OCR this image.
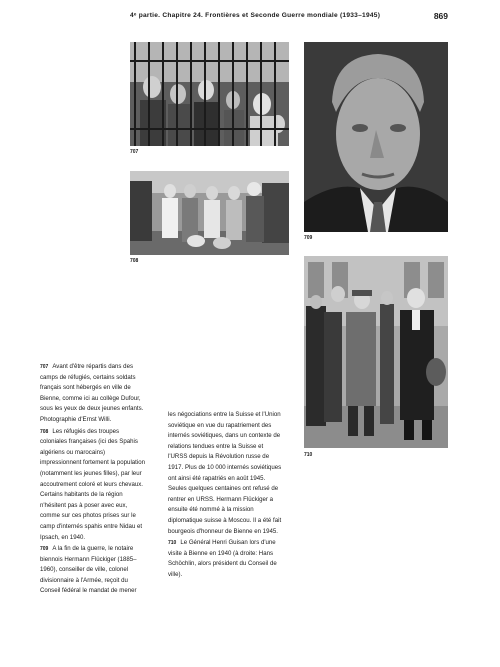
4ᵉ partie. Chapitre 24. Frontières et Seconde Guerre mondiale (1933–1945)	869
707
708
709
710
707 Avant d'être répartis dans des camps de réfugiés, certains soldats français sont hébergés en ville de Bienne, comme ici au collège Dufour, sous les yeux de deux jeunes enfants. Photographie d'Ernst Willi.
708 Les réfugiés des troupes coloniales françaises (ici des Spahis algériens ou marocains) impressionnent fortement la population (notamment les jeunes filles), par leur accoutrement coloré et leurs chevaux. Certains habitants de la région n'hésitent pas à poser avec eux, comme sur ces photos prises sur le camp d'internés spahis entre Nidau et Ipsach, en 1940.
709 A la fin de la guerre, le notaire biennois Hermann Flückiger (1885–1960), conseiller de ville, colonel divisionnaire à l'Armée, reçoit du Conseil fédéral le mandat de mener
les négociations entre la Suisse et l'Union soviétique en vue du rapatriement des internés soviétiques, dans un contexte de relations tendues entre la Suisse et l'URSS depuis la Révolution russe de 1917. Plus de 10 000 internés soviétiques ont ainsi été rapatriés en août 1945. Seules quelques centaines ont refusé de rentrer en URSS. Hermann Flückiger a ensuite été nommé à la mission diplomatique suisse à Moscou. Il a été fait bourgeois d'honneur de Bienne en 1945.
710 Le Général Henri Guisan lors d'une visite à Bienne en 1940 (à droite: Hans Schöchlin, alors président du Conseil de ville).
